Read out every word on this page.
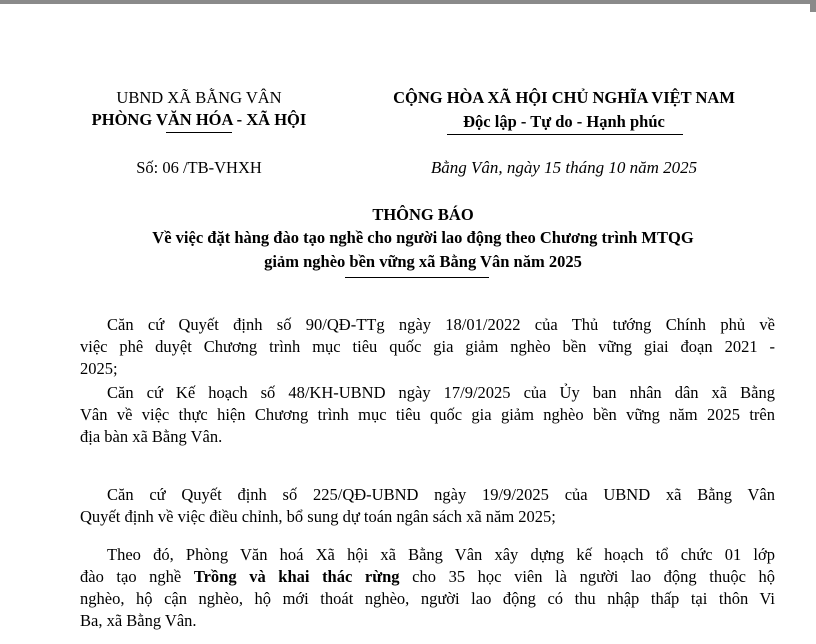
UBND XÃ BẰNG VÂN
PHÒNG VĂN HÓA - XÃ HỘI
CỘNG HÒA XÃ HỘI CHỦ NGHĨA VIỆT NAM
Độc lập - Tự do - Hạnh phúc
Số: 06 /TB-VHXH	Bằng Vân, ngày 15 tháng 10 năm 2025
THÔNG BÁO
Về việc đặt hàng đào tạo nghề cho người lao động theo Chương trình MTQG
giảm nghèo bền vững xã Bằng Vân năm 2025
Căn cứ Quyết định số 90/QĐ-TTg ngày 18/01/2022 của Thủ tướng Chính phủ về
việc phê duyệt Chương trình mục tiêu quốc gia giảm nghèo bền vững giai đoạn 2021 -
2025;
Căn cứ Kế hoạch số 48/KH-UBND ngày 17/9/2025 của Ủy ban nhân dân xã Bằng
Vân về việc thực hiện Chương trình mục tiêu quốc gia giảm nghèo bền vững năm 2025 trên
địa bàn xã Bằng Vân.
Căn cứ Quyết định số 225/QĐ-UBND ngày 19/9/2025 của UBND xã Bằng Vân
Quyết định về việc điều chỉnh, bổ sung dự toán ngân sách xã năm 2025;
Theo đó, Phòng Văn hoá Xã hội xã Bằng Vân xây dựng kế hoạch tổ chức 01 lớp
đào tạo nghề Trồng và khai thác rừng cho 35 học viên là người lao động thuộc hộ
nghèo, hộ cận nghèo, hộ mới thoát nghèo, người lao động có thu nhập thấp tại thôn Vi
Ba, xã Bằng Vân.
